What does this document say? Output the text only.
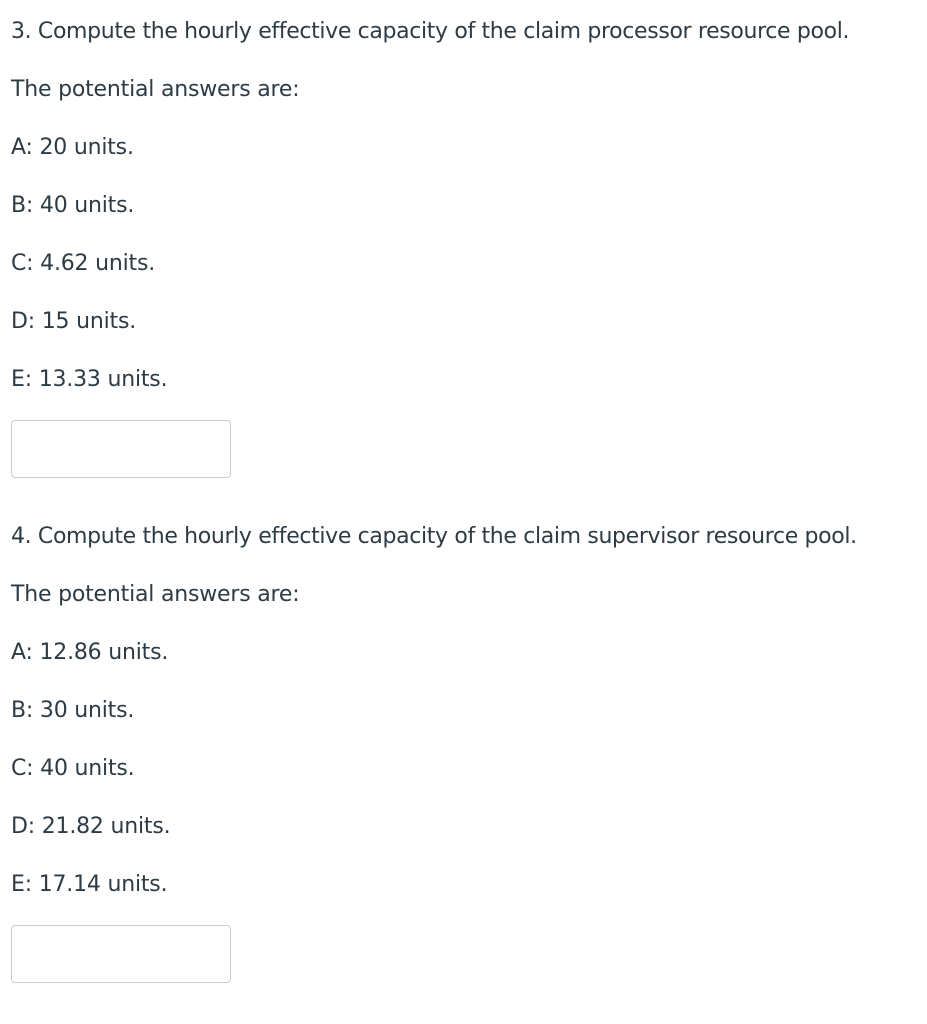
3. Compute the hourly effective capacity of the claim processor resource pool.
The potential answers are:
A: 20 units.
B: 40 units.
C: 4.62 units.
D: 15 units.
E: 13.33 units.
4. Compute the hourly effective capacity of the claim supervisor resource pool.
The potential answers are:
A: 12.86 units.
B: 30 units.
C: 40 units.
D: 21.82 units.
E: 17.14 units.
